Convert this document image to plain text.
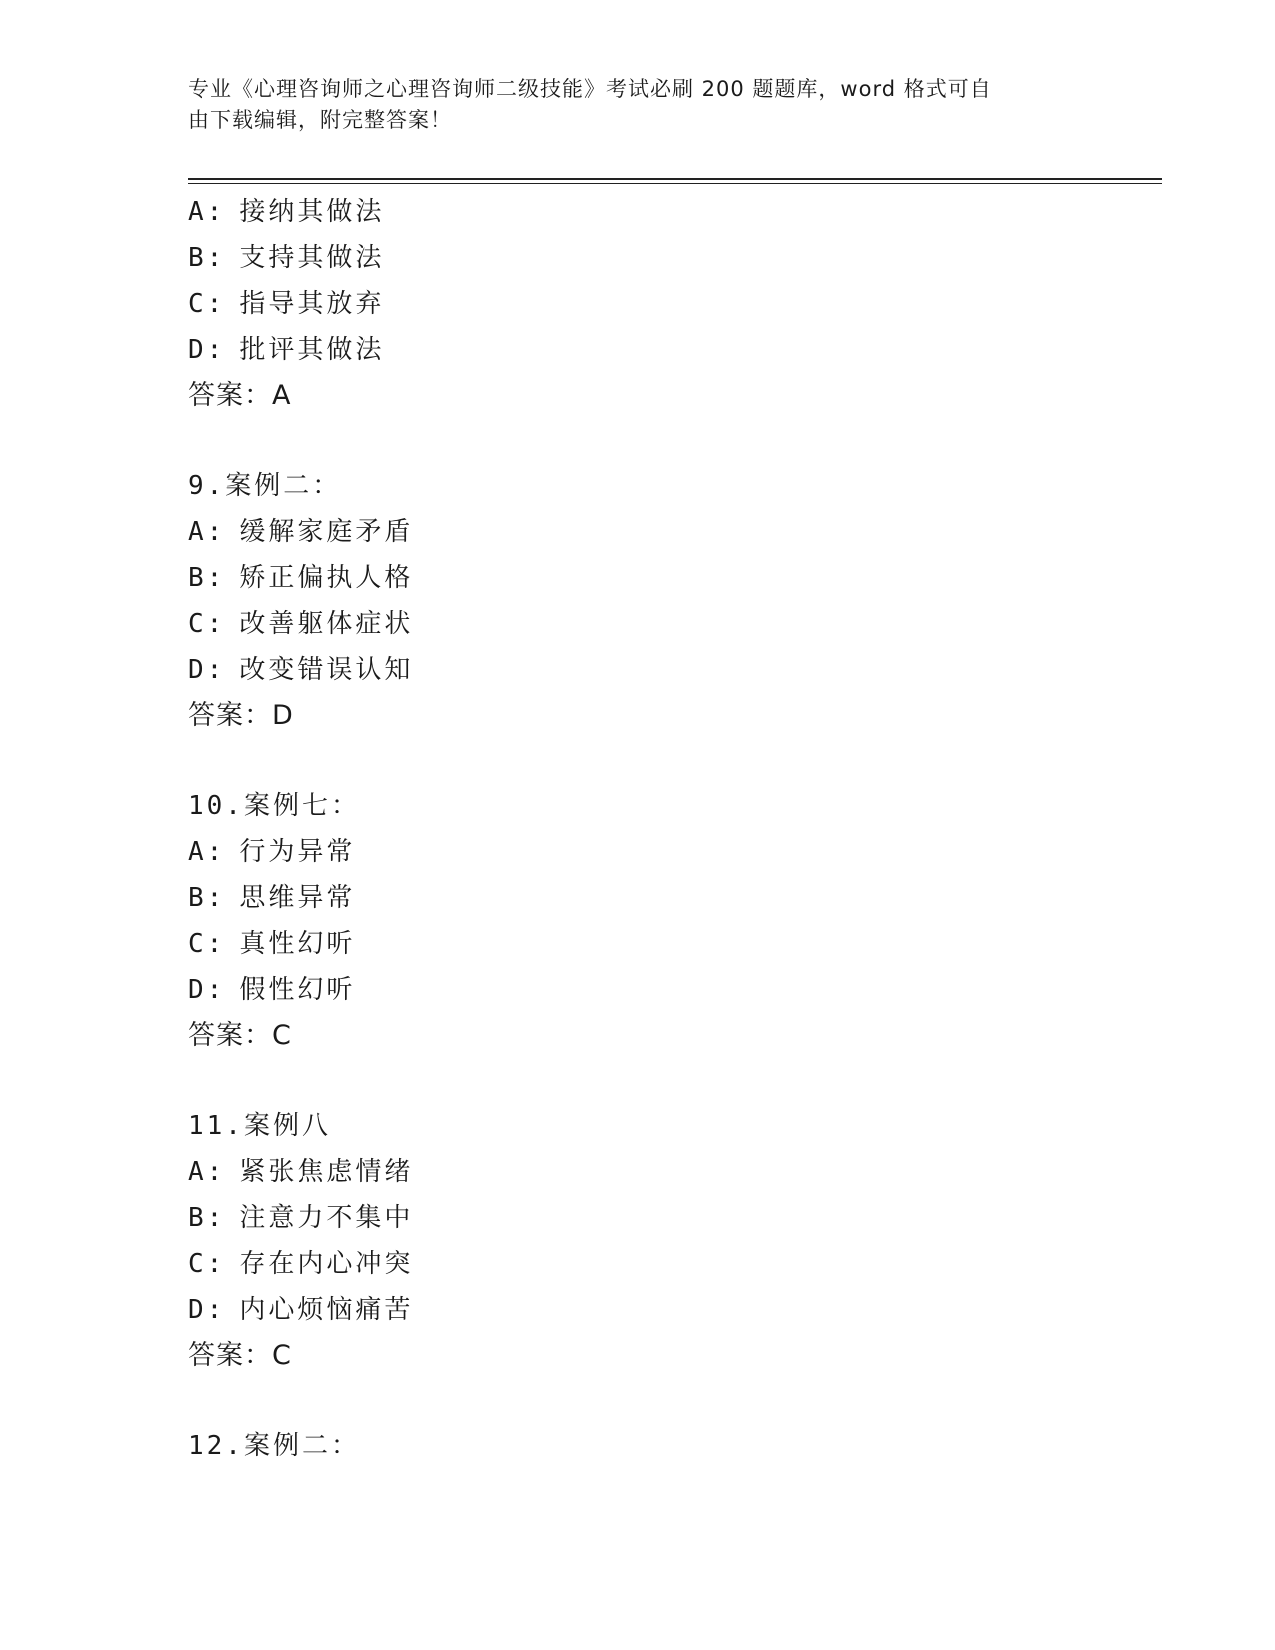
专业《心理咨询师之心理咨询师二级技能》考试必刷 200 题题库，word 格式可自
由下载编辑，附完整答案！
A: 接纳其做法
B: 支持其做法
C: 指导其放弃
D: 批评其做法
答案：A
9.案例二：
A: 缓解家庭矛盾
B: 矫正偏执人格
C: 改善躯体症状
D: 改变错误认知
答案：D
10.案例七：
A: 行为异常
B: 思维异常
C: 真性幻听
D: 假性幻听
答案：C
11.案例八
A: 紧张焦虑情绪
B: 注意力不集中
C: 存在内心冲突
D: 内心烦恼痛苦
答案：C
12.案例二：
